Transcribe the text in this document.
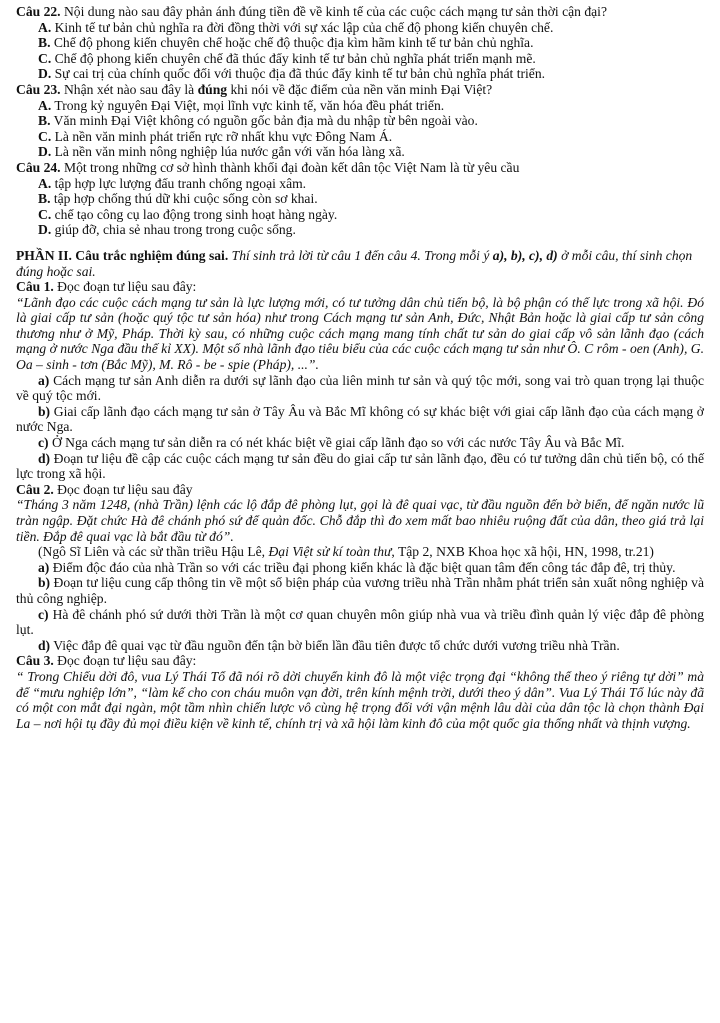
Câu 22. Nội dung nào sau đây phản ánh đúng tiền đề về kinh tế của các cuộc cách mạng tư sản thời cận đại?

A. Kinh tế tư bản chủ nghĩa ra đời đồng thời với sự xác lập của chế độ phong kiến chuyên chế.

B. Chế độ phong kiến chuyên chế hoặc chế độ thuộc địa kìm hãm kinh tế tư bản chủ nghĩa.

C. Chế độ phong kiến chuyên chế đã thúc đẩy kinh tế tư bản chủ nghĩa phát triển mạnh mẽ.

D. Sự cai trị của chính quốc đối với thuộc địa đã thúc đẩy kinh tế tư bản chủ nghĩa phát triển.

Câu 23. Nhận xét nào sau đây là đúng khi nói về đặc điểm của nền văn minh Đại Việt?

A. Trong kỷ nguyên Đại Việt, mọi lĩnh vực kinh tế, văn hóa đều phát triển.

B. Văn minh Đại Việt không có nguồn gốc bản địa mà du nhập từ bên ngoài vào.

C. Là nền văn minh phát triển rực rỡ nhất khu vực Đông Nam Á.

D. Là nền văn minh nông nghiệp lúa nước gắn với văn hóa làng xã.

Câu 24. Một trong những cơ sở hình thành khối đại đoàn kết dân tộc Việt Nam là từ yêu cầu

A. tập hợp lực lượng đấu tranh chống ngoại xâm.

B. tập hợp chống thú dữ khi cuộc sống còn sơ khai.

C. chế tạo công cụ lao động trong sinh hoạt hàng ngày.

D. giúp đỡ, chia sẻ nhau trong trong cuộc sống.

PHẦN II. Câu trắc nghiệm đúng sai. Thí sinh trả lời từ câu 1 đến câu 4. Trong mỗi ý a), b), c), d) ở mỗi câu, thí sinh chọn đúng hoặc sai.

Câu 1. Đọc đoạn tư liệu sau đây:

“Lãnh đạo các cuộc cách mạng tư sản là lực lượng mới, có tư tưởng dân chủ tiến bộ, là bộ phận có thế lực trong xã hội. Đó là giai cấp tư sản (hoặc quý tộc tư sản hóa) như trong Cách mạng tư sản Anh, Đức, Nhật Bản hoặc là giai cấp tư sản công thương như ở Mỹ, Pháp. Thời kỳ sau, có những cuộc cách mạng mang tính chất tư sản do giai cấp vô sản lãnh đạo (cách mạng ở nước Nga đầu thế kỉ XX). Một số nhà lãnh đạo tiêu biểu của các cuộc cách mạng tư sản như Ô. C rôm - oen (Anh), G. Oa – sinh - tơn (Bắc Mỹ), M. Rô - be - spie (Pháp), ...”.

a) Cách mạng tư sản Anh diễn ra dưới sự lãnh đạo của liên minh tư sản và quý tộc mới, song vai trò quan trọng lại thuộc về quý tộc mới.

b) Giai cấp lãnh đạo cách mạng tư sản ở Tây Âu và Bắc Mĩ không có sự khác biệt với giai cấp lãnh đạo của cách mạng ở nước Nga.

c) Ở Nga cách mạng tư sản diễn ra có nét khác biệt về giai cấp lãnh đạo so với các nước Tây Âu và Bắc Mĩ.

d) Đoạn tư liệu đề cập các cuộc cách mạng tư sản đều do giai cấp tư sản lãnh đạo, đều có tư tưởng dân chủ tiến bộ, có thế lực trong xã hội.

Câu 2. Đọc đoạn tư liệu sau đây

“Tháng 3 năm 1248, (nhà Trần) lệnh các lộ đắp đê phòng lụt, gọi là đê quai vạc, từ đầu nguồn đến bờ biển, để ngăn nước lũ tràn ngập. Đặt chức Hà đê chánh phó sứ để quản đốc. Chỗ đắp thì đo xem mất bao nhiêu ruộng đất của dân, theo giá trả lại tiền. Đắp đê quai vạc là bắt đầu từ đó”.

(Ngô Sĩ Liên và các sử thần triều Hậu Lê, Đại Việt sử kí toàn thư, Tập 2, NXB Khoa học xã hội, HN, 1998, tr.21)

a) Điểm độc đáo của nhà Trần so với các triều đại phong kiến khác là đặc biệt quan tâm đến công tác đắp đê, trị thủy.

b) Đoạn tư liệu cung cấp thông tin về một số biện pháp của vương triều nhà Trần nhằm phát triển sản xuất nông nghiệp và thủ công nghiệp.

c) Hà đê chánh phó sứ dưới thời Trần là một cơ quan chuyên môn giúp nhà vua và triều đình quản lý việc đắp đê phòng lụt.

d) Việc đắp đê quai vạc từ đầu nguồn đến tận bờ biển lần đầu tiên được tổ chức dưới vương triều nhà Trần.

Câu 3. Đọc đoạn tư liệu sau đây:

“ Trong Chiếu dời đô, vua Lý Thái Tổ đã nói rõ dời chuyển kinh đô là một việc trọng đại “không thể theo ý riêng tự dời” mà để “mưu nghiệp lớn”, “làm kế cho con cháu muôn vạn đời, trên kính mệnh trời, dưới theo ý dân”. Vua Lý Thái Tổ lúc này đã có một con mắt đại ngàn, một tầm nhìn chiến lược vô cùng hệ trọng đối với vận mệnh lâu dài của dân tộc là chọn thành Đại La – nơi hội tụ đầy đủ mọi điều kiện về kinh tế, chính trị và xã hội làm kinh đô của một quốc gia thống nhất và thịnh vượng.
